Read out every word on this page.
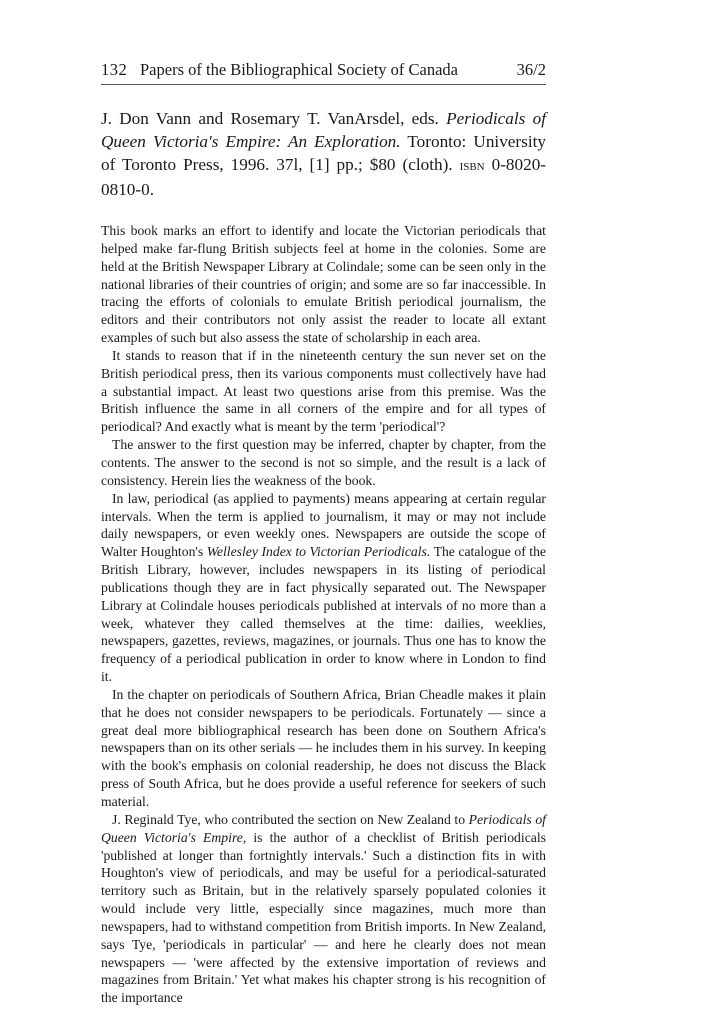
132 Papers of the Bibliographical Society of Canada	36/2
J. Don Vann and Rosemary T. VanArsdel, eds. Periodicals of Queen Victoria's Empire: An Exploration. Toronto: University of Toronto Press, 1996. 37l, [1] pp.; $80 (cloth). isbn 0-8020-0810-0.

This book marks an effort to identify and locate the Victorian periodicals that helped make far-flung British subjects feel at home in the colonies. Some are held at the British Newspaper Library at Colindale; some can be seen only in the national libraries of their countries of origin; and some are so far inaccessible. In tracing the efforts of colonials to emulate British periodical journalism, the editors and their contributors not only assist the reader to locate all extant examples of such but also assess the state of scholarship in each area.

It stands to reason that if in the nineteenth century the sun never set on the British periodical press, then its various components must collectively have had a substantial impact. At least two questions arise from this premise. Was the British influence the same in all corners of the empire and for all types of periodical? And exactly what is meant by the term 'periodical'?

The answer to the first question may be inferred, chapter by chapter, from the contents. The answer to the second is not so simple, and the result is a lack of consistency. Herein lies the weakness of the book.

In law, periodical (as applied to payments) means appearing at certain regular intervals. When the term is applied to journalism, it may or may not include daily newspapers, or even weekly ones. Newspapers are outside the scope of Walter Houghton's Wellesley Index to Victorian Periodicals. The catalogue of the British Library, however, includes newspapers in its listing of periodical publications though they are in fact physically separated out. The Newspaper Library at Colindale houses periodicals published at intervals of no more than a week, whatever they called themselves at the time: dailies, weeklies, newspapers, gazettes, reviews, magazines, or journals. Thus one has to know the frequency of a periodical publication in order to know where in London to find it.

In the chapter on periodicals of Southern Africa, Brian Cheadle makes it plain that he does not consider newspapers to be periodicals. Fortunately — since a great deal more bibliographical research has been done on Southern Africa's newspapers than on its other serials — he includes them in his survey. In keeping with the book's emphasis on colonial readership, he does not discuss the Black press of South Africa, but he does provide a useful reference for seekers of such material.

J. Reginald Tye, who contributed the section on New Zealand to Periodicals of Queen Victoria's Empire, is the author of a checklist of British periodicals 'published at longer than fortnightly intervals.' Such a distinction fits in with Houghton's view of periodicals, and may be useful for a periodical-saturated territory such as Britain, but in the relatively sparsely populated colonies it would include very little, especially since magazines, much more than newspapers, had to withstand competition from British imports. In New Zealand, says Tye, 'periodicals in particular' — and here he clearly does not mean newspapers — 'were affected by the extensive importation of reviews and magazines from Britain.' Yet what makes his chapter strong is his recognition of the importance
